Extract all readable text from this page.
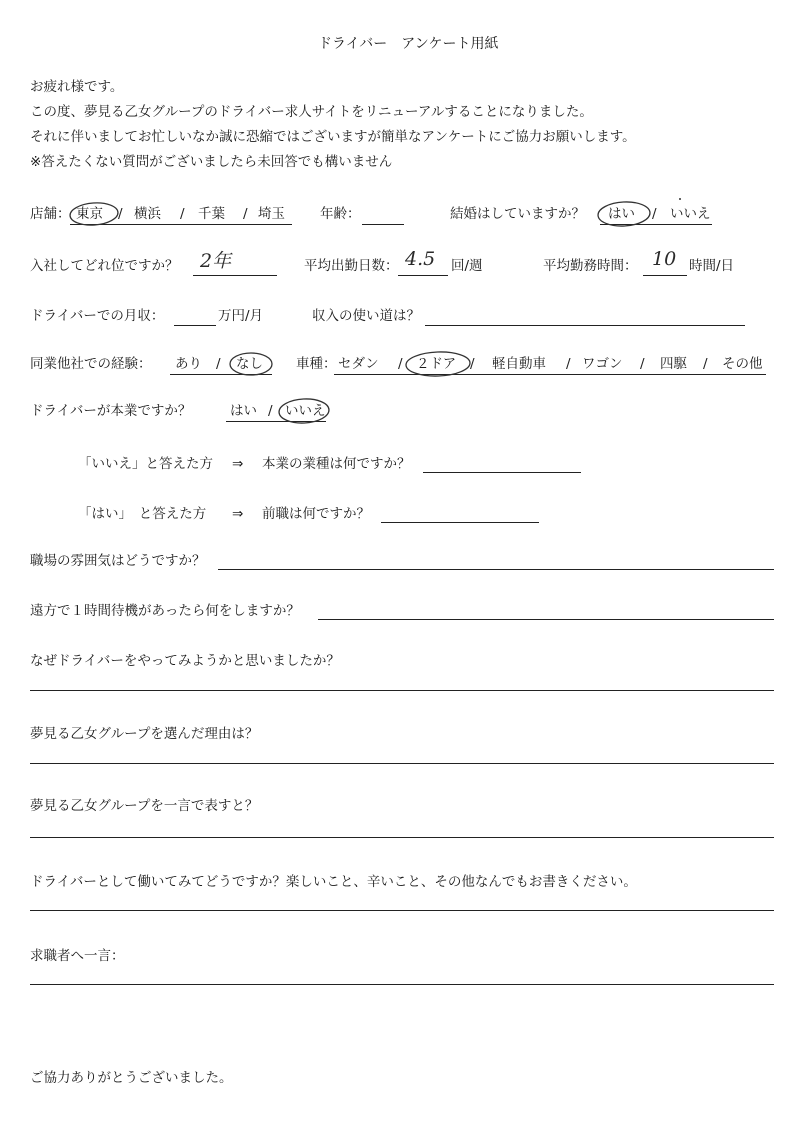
ドライバー　アンケート用紙
お疲れ様です。
この度、夢見る乙女グループのドライバー求人サイトをリニューアルすることになりました。
それに伴いましてお忙しいなか誠に恐縮ではございますが簡単なアンケートにご協力お願いします。
※答えたくない質問がございましたら未回答でも構いません
店舗： 東京 / 横浜 / 千葉 / 埼玉	年齢：	結婚はしていますか？ はい / いいえ
入社してどれ位ですか？ 2年	平均出勤日数： 4.5 回/週	平均勤務時間： 10 時間/日
ドライバーでの月収：	万円/月	収入の使い道は？
同業他社での経験： あり / なし 車種： セダン / ２ドア / 軽自動車 / ワゴン / 四駆 / その他
ドライバーが本業ですか？	はい / いいえ
「いいえ」と答えた方 ⇒ 本業の業種は何ですか？
「はい」　と答えた方 ⇒ 前職は何ですか？
職場の雰囲気はどうですか？
遠方で１時間待機があったら何をしますか？
なぜドライバーをやってみようかと思いましたか？
夢見る乙女グループを選んだ理由は？
夢見る乙女グループを一言で表すと？
ドライバーとして働いてみてどうですか？楽しいこと、辛いこと、その他なんでもお書きください。
求職者へ一言：
ご協力ありがとうございました。
